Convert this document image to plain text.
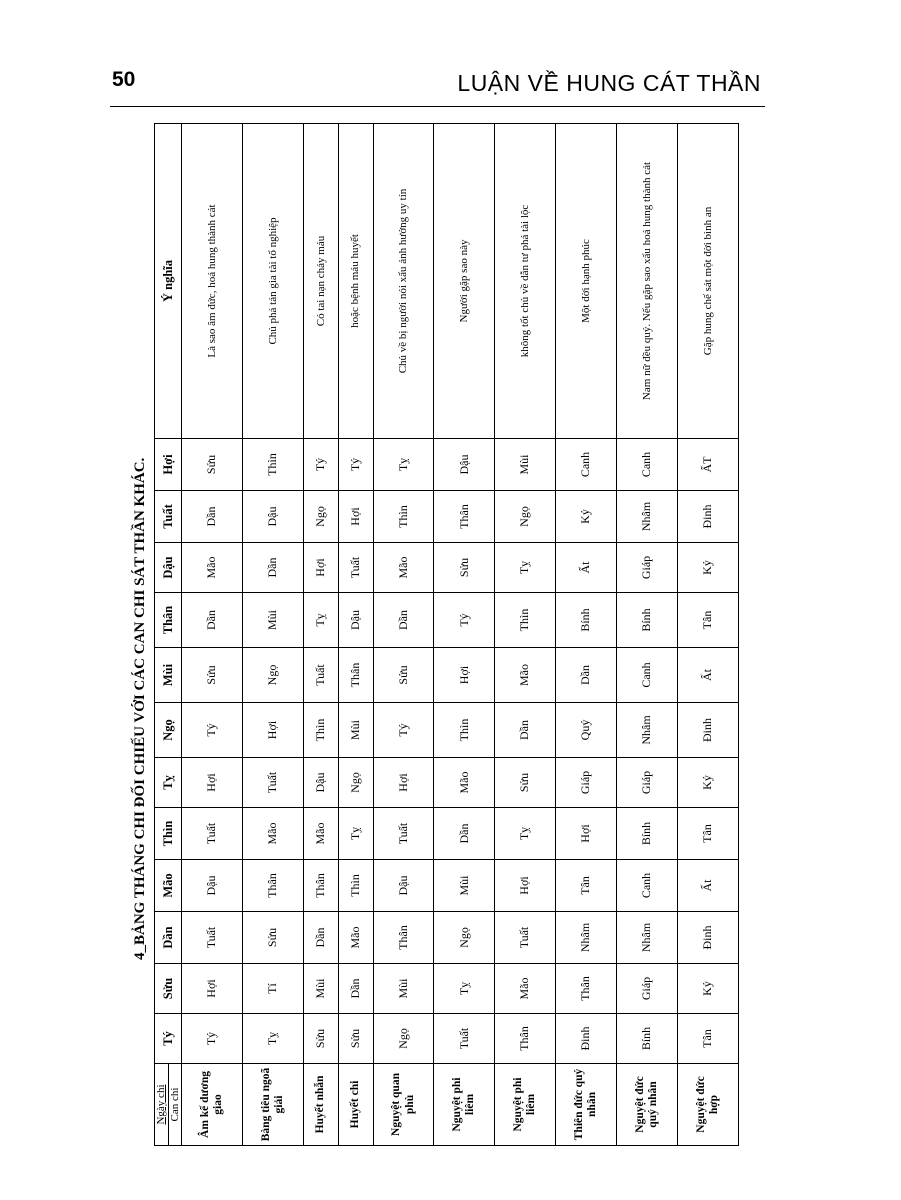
50	LUẬN VỀ HUNG CÁT THẦN
4_BẢNG THÁNG CHI ĐỐI CHIẾU VỚI CÁC CAN CHI SÁT THẦN KHÁC.
Ngày chi Can chi	Tý	Sửu	Dần	Mão	Thìn	Tỵ	Ngọ	Mùi	Thân	Dậu	Tuất	Hợi	Ý nghĩa
Âm kế dương giao	Tý	Hợi	Tuất	Dậu	Tuất	Hợi	Tý	Sửu	Dần	Mão	Dần	Sửu	Là sao âm đức, hoá hung thành cát
Bàng tiêu ngoã giải	Tỵ	Tí	Sửu	Thân	Mão	Tuất	Hợi	Ngọ	Mùi	Dần	Dậu	Thìn	Chủ phá tán gia tài tổ nghiệp
Huyết nhẫn	Sửu	Mùi	Dần	Thân	Mão	Dậu	Thìn	Tuất	Tỵ	Hợi	Ngọ	Tý	Có tai nạn chảy máu
Huyết chi	Sửu	Dần	Mão	Thìn	Tỵ	Ngọ	Mùi	Thân	Dậu	Tuất	Hợi	Tý	hoặc bệnh máu huyết
Nguyệt quan phù	Ngọ	Mùi	Thân	Dậu	Tuất	Hợi	Tý	Sửu	Dần	Mão	Thìn	Tỵ	Chủ về bị người nói xấu ảnh hưởng uy tín
Nguyệt phi liêm	Tuất	Tỵ	Ngọ	Mùi	Dần	Mão	Thìn	Hợi	Tý	Sửu	Thân	Dậu	Người gặp sao này
Nguyệt phi liêm	Thân	Mão	Tuất	Hợi	Tỵ	Sửu	Dần	Mão	Thìn	Tỵ	Ngọ	Mùi	không tốt chủ về dẫn tư phá tài lộc
Thiên đức quý nhân	Đinh	Thân	Nhâm	Tân	Hợi	Giáp	Quý	Dần	Bính	Ất	Kỷ	Canh	Một đời hạnh phúc
Nguyệt đức quý nhân	Bính	Giáp	Nhâm	Canh	Bính	Giáp	Nhâm	Canh	Bính	Giáp	Nhâm	Canh	Nam nữ đều quý. Nếu gặp sao xấu hoá hung thành cát
Nguyệt đức hợp	Tân	Kỷ	Đinh	Ất	Tân	Kỷ	Đinh	Ất	Tân	Kỷ	Đinh	ẤT	Gặp hung chế sát một đời bình an
